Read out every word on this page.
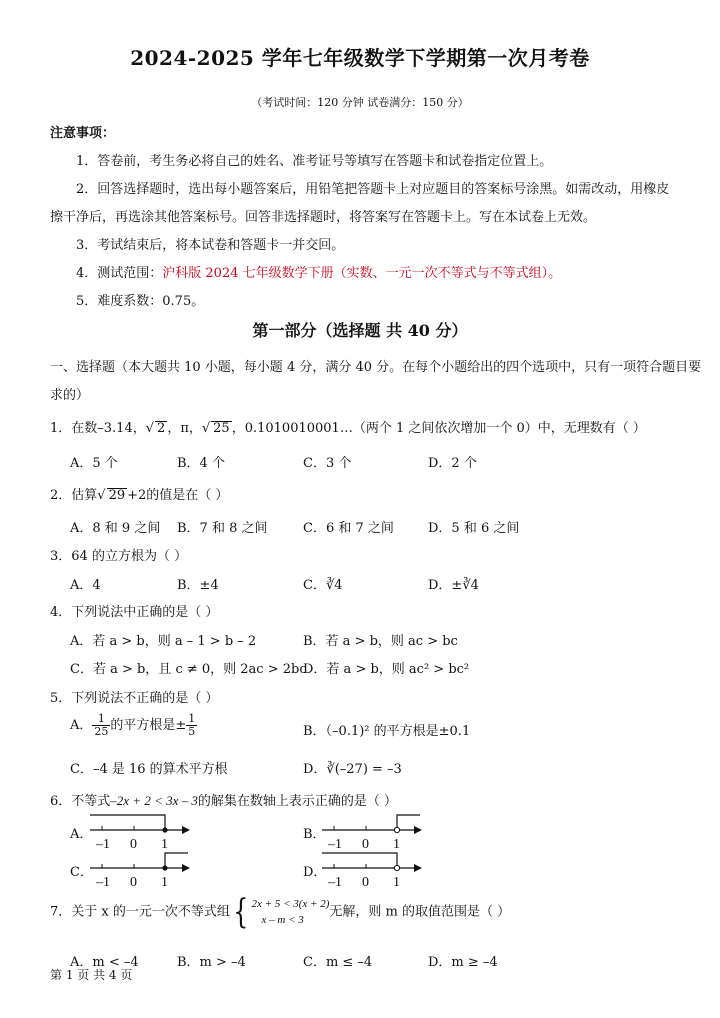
2024-2025 学年七年级数学下学期第一次月考卷
（考试时间：120 分钟 试卷满分：150 分）
注意事项：
1．答卷前，考生务必将自己的姓名、准考证号等填写在答题卡和试卷指定位置上。
2．回答选择题时，选出每小题答案后，用铅笔把答题卡上对应题目的答案标号涂黑。如需改动，用橡皮
擦干净后，再选涂其他答案标号。回答非选择题时，将答案写在答题卡上。写在本试卷上无效。
3．考试结束后，将本试卷和答题卡一并交回。
4．测试范围：沪科版 2024 七年级数学下册（实数、一元一次不等式与不等式组）。
5．难度系数：0.75。
第一部分（选择题 共 40 分）
一、选择题（本大题共 10 小题，每小题 4 分，满分 40 分。在每个小题给出的四个选项中，只有一项符合题目要
求的）
1．在数–3.14，√ 2 ，π，√ 25 ，0.1010010001…（两个 1 之间依次增加一个 0）中，无理数有（ ）
A．5 个	B．4 个	C．3 个	D．2 个
2．估算√ 29 +2的值是在（ ）
A．8 和 9 之间 B．7 和 8 之间	C．6 和 7 之间	D．5 和 6 之间
3．64 的立方根为（ ）
A．4	B．±4	C．∛4	D．±∛4
4．下列说法中正确的是（ ）
A．若 a > b，则 a – 1 > b – 2	B．若 a > b，则 ac > bc
C．若 a > b，且 c ≠ 0，则 2ac > 2bc
D．若 a > b，则 ac² > bc²
5．下列说法不正确的是（ ）
A． $\frac{1}{25}$ 的平方根是± $\frac{1}{5}$	B．（–0.1)² 的平方根是±0.1
C．–4 是 16 的算术平方根	D．∛(–27) = –3
6．不等式–2x + 2 < 3x – 3的解集在数轴上表示正确的是（ ）
A．	B．
C．	D．
–1 0 1	–1 0 1
–1 0 1	–1 0 1
7．关于 x 的一元一次不等式组{ 2x + 5 < 3(x + 2)
x – m < 3
无解，则 m 的取值范围是（ ）
A．m < –4	B．m > –4	C．m ≤ –4	D．m ≥ –4
第 1 页 共 4 页
